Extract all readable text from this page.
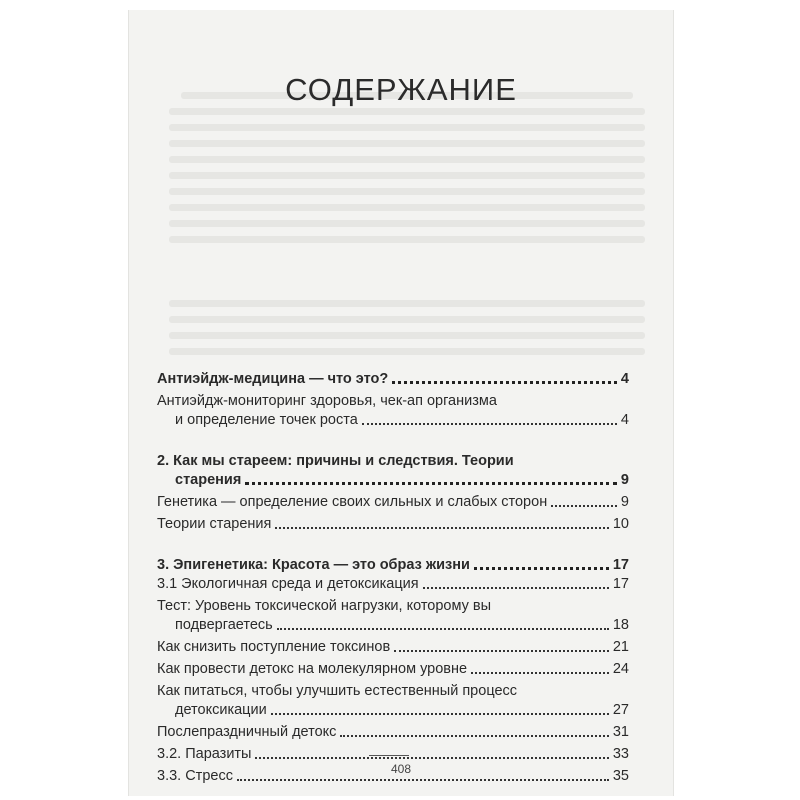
СОДЕРЖАНИЕ
Антиэйдж-медицина — что это?	4
Антиэйдж-мониторинг здоровья, чек-ап организма
и определение точек роста	4
2. Как мы стареем: причины и следствия. Теории
старения	9
Генетика — определение своих сильных и слабых сторон	9
Теории старения	10
3. Эпигенетика: Красота — это образ жизни	17
3.1 Экологичная среда и детоксикация	17
Тест: Уровень токсической нагрузки, которому вы
подвергаетесь	18
Как снизить поступление токсинов	21
Как провести детокс на молекулярном уровне	24
Как питаться, чтобы улучшить естественный процесс
детоксикации	27
Послепраздничный детокс	31
3.2. Паразиты	33
3.3. Стресс	35
408
